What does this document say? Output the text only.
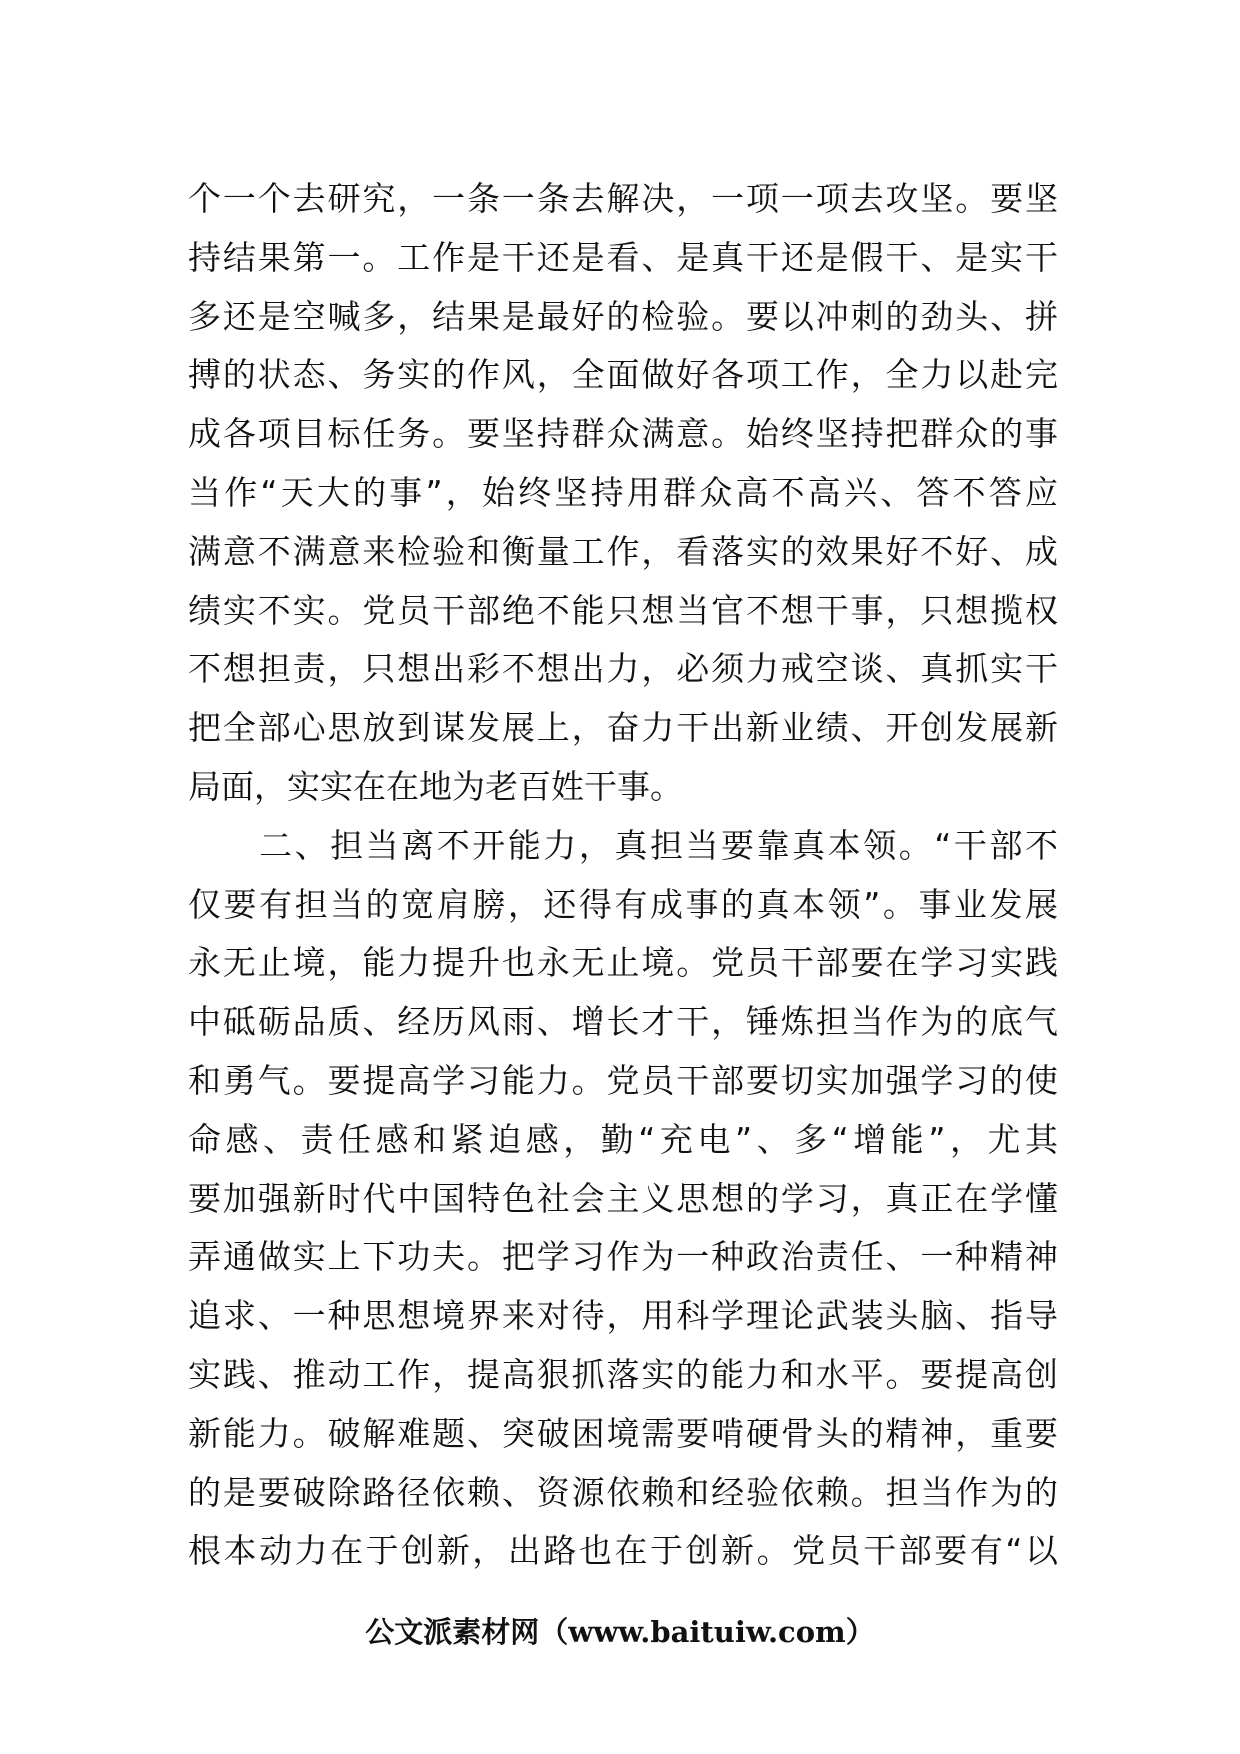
个一个去研究，一条一条去解决，一项一项去攻坚。要坚
持结果第一。工作是干还是看、是真干还是假干、是实干
多还是空喊多，结果是最好的检验。要以冲刺的劲头、拼
搏的状态、务实的作风，全面做好各项工作，全力以赴完
成各项目标任务。要坚持群众满意。始终坚持把群众的事
当作“天大的事”，始终坚持用群众高不高兴、答不答应
满意不满意来检验和衡量工作，看落实的效果好不好、成
绩实不实。党员干部绝不能只想当官不想干事，只想揽权
不想担责，只想出彩不想出力，必须力戒空谈、真抓实干
把全部心思放到谋发展上，奋力干出新业绩、开创发展新
局面，实实在在地为老百姓干事。
　　二、担当离不开能力，真担当要靠真本领。“干部不
仅要有担当的宽肩膀，还得有成事的真本领”。事业发展
永无止境，能力提升也永无止境。党员干部要在学习实践
中砥砺品质、经历风雨、增长才干，锤炼担当作为的底气
和勇气。要提高学习能力。党员干部要切实加强学习的使
命感、责任感和紧迫感，勤“充电”、多“增能”，尤其
要加强新时代中国特色社会主义思想的学习，真正在学懂
弄通做实上下功夫。把学习作为一种政治责任、一种精神
追求、一种思想境界来对待，用科学理论武装头脑、指导
实践、推动工作，提高狠抓落实的能力和水平。要提高创
新能力。破解难题、突破困境需要啃硬骨头的精神，重要
的是要破除路径依赖、资源依赖和经验依赖。担当作为的
根本动力在于创新，出路也在于创新。党员干部要有“以
公文派素材网（www.baituiw.com）
